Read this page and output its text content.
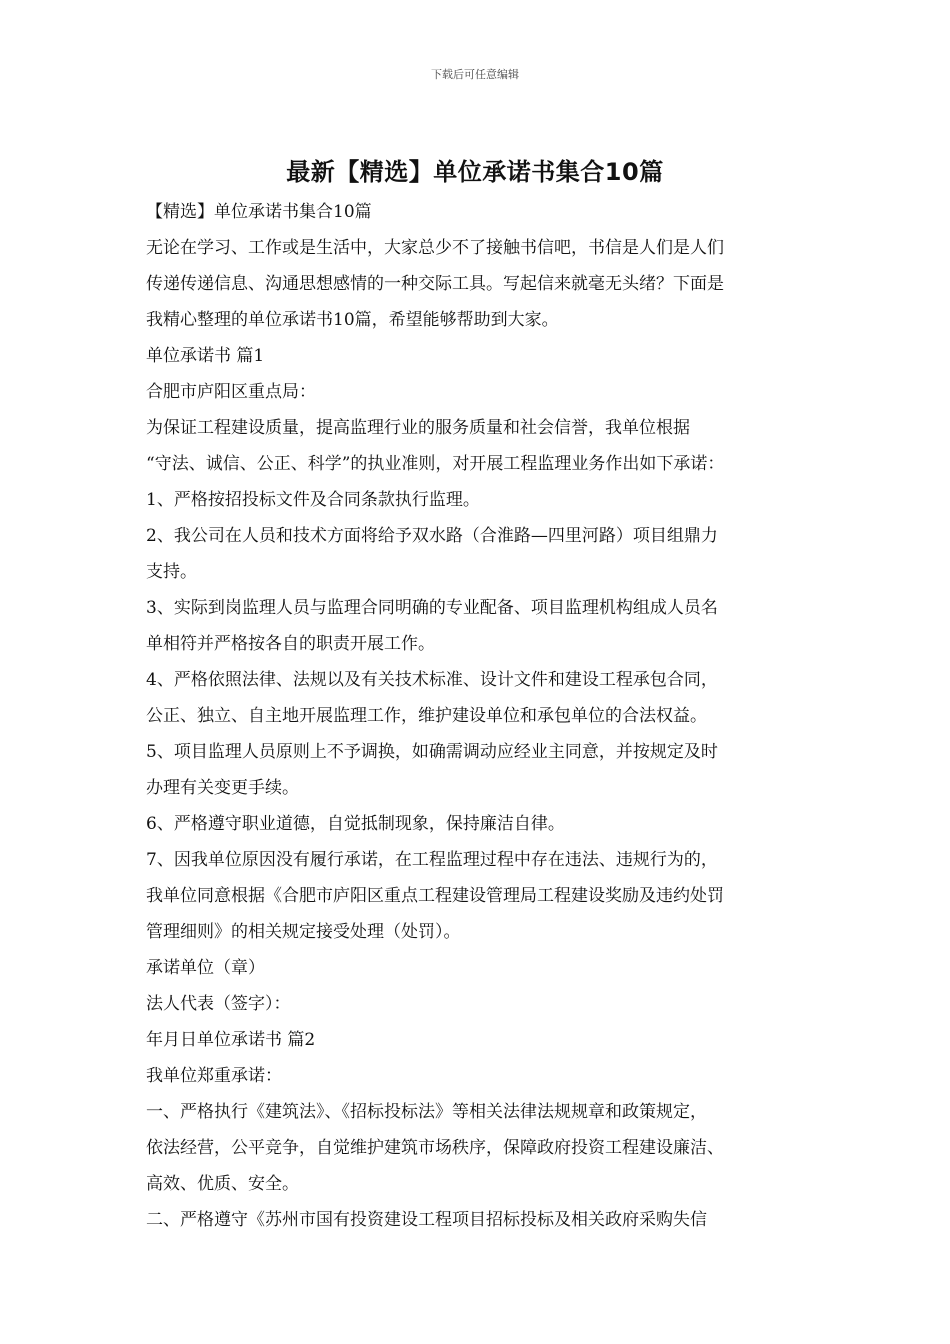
下载后可任意编辑
最新【精选】单位承诺书集合10篇
【精选】单位承诺书集合10篇
无论在学习、工作或是生活中，大家总少不了接触书信吧，书信是人们是人们
传递传递信息、沟通思想感情的一种交际工具。写起信来就毫无头绪？下面是
我精心整理的单位承诺书10篇，希望能够帮助到大家。
单位承诺书 篇1
合肥市庐阳区重点局：
为保证工程建设质量，提高监理行业的服务质量和社会信誉，我单位根据
“守法、诚信、公正、科学”的执业准则，对开展工程监理业务作出如下承诺：
1、严格按招投标文件及合同条款执行监理。
2、我公司在人员和技术方面将给予双水路（合淮路—四里河路）项目组鼎力
支持。
3、实际到岗监理人员与监理合同明确的专业配备、项目监理机构组成人员名
单相符并严格按各自的职责开展工作。
4、严格依照法律、法规以及有关技术标准、设计文件和建设工程承包合同，
公正、独立、自主地开展监理工作，维护建设单位和承包单位的合法权益。
5、项目监理人员原则上不予调换，如确需调动应经业主同意，并按规定及时
办理有关变更手续。
6、严格遵守职业道德，自觉抵制现象，保持廉洁自律。
7、因我单位原因没有履行承诺，在工程监理过程中存在违法、违规行为的，
我单位同意根据《合肥市庐阳区重点工程建设管理局工程建设奖励及违约处罚
管理细则》的相关规定接受处理（处罚）。
承诺单位（章）
法人代表（签字）：
年月日单位承诺书 篇2
我单位郑重承诺：
一、严格执行《建筑法》、《招标投标法》等相关法律法规规章和政策规定，
依法经营，公平竞争，自觉维护建筑市场秩序，保障政府投资工程建设廉洁、
高效、优质、安全。
二、严格遵守《苏州市国有投资建设工程项目招标投标及相关政府采购失信
